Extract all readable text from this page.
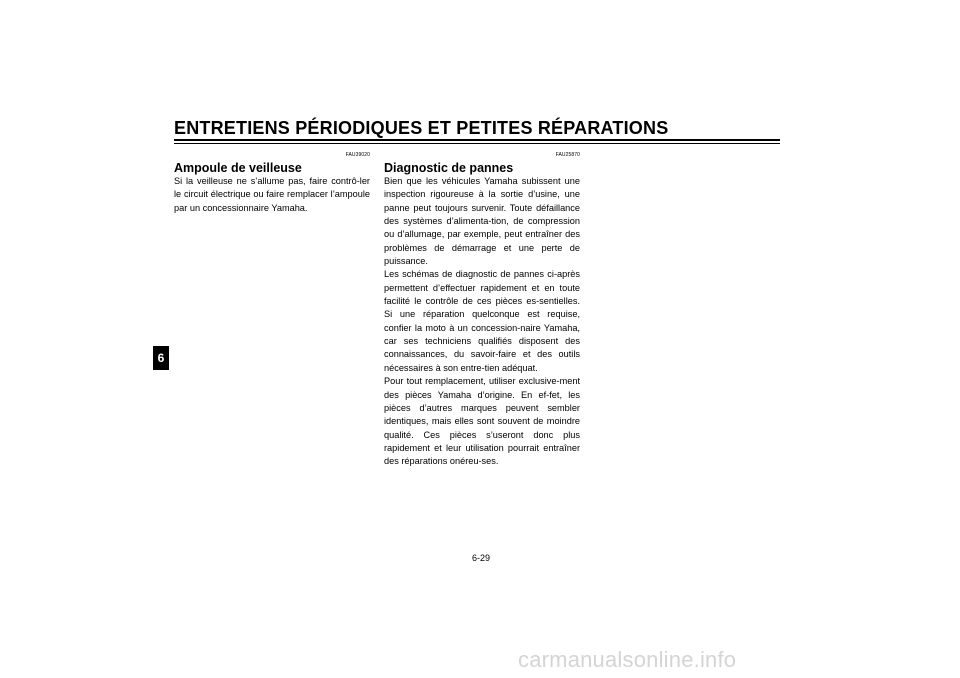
ENTRETIENS PÉRIODIQUES ET PETITES RÉPARATIONS
6
FAU39020
Ampoule de veilleuse

Si la veilleuse ne s’allume pas, faire contrô-ler le circuit électrique ou faire remplacer l’ampoule par un concessionnaire Yamaha.

FAU25870
Diagnostic de pannes

Bien que les véhicules Yamaha subissent une inspection rigoureuse à la sortie d’usine, une panne peut toujours survenir. Toute défaillance des systèmes d’alimenta-tion, de compression ou d’allumage, par exemple, peut entraîner des problèmes de démarrage et une perte de puissance.

Les schémas de diagnostic de pannes ci-après permettent d’effectuer rapidement et en toute facilité le contrôle de ces pièces es-sentielles. Si une réparation quelconque est requise, confier la moto à un concession-naire Yamaha, car ses techniciens qualifiés disposent des connaissances, du savoir-faire et des outils nécessaires à son entre-tien adéquat.

Pour tout remplacement, utiliser exclusive-ment des pièces Yamaha d’origine. En ef-fet, les pièces d’autres marques peuvent sembler identiques, mais elles sont souvent de moindre qualité. Ces pièces s’useront donc plus rapidement et leur utilisation pourrait entraîner des réparations onéreu-ses.

6-29
carmanualsonline.info
